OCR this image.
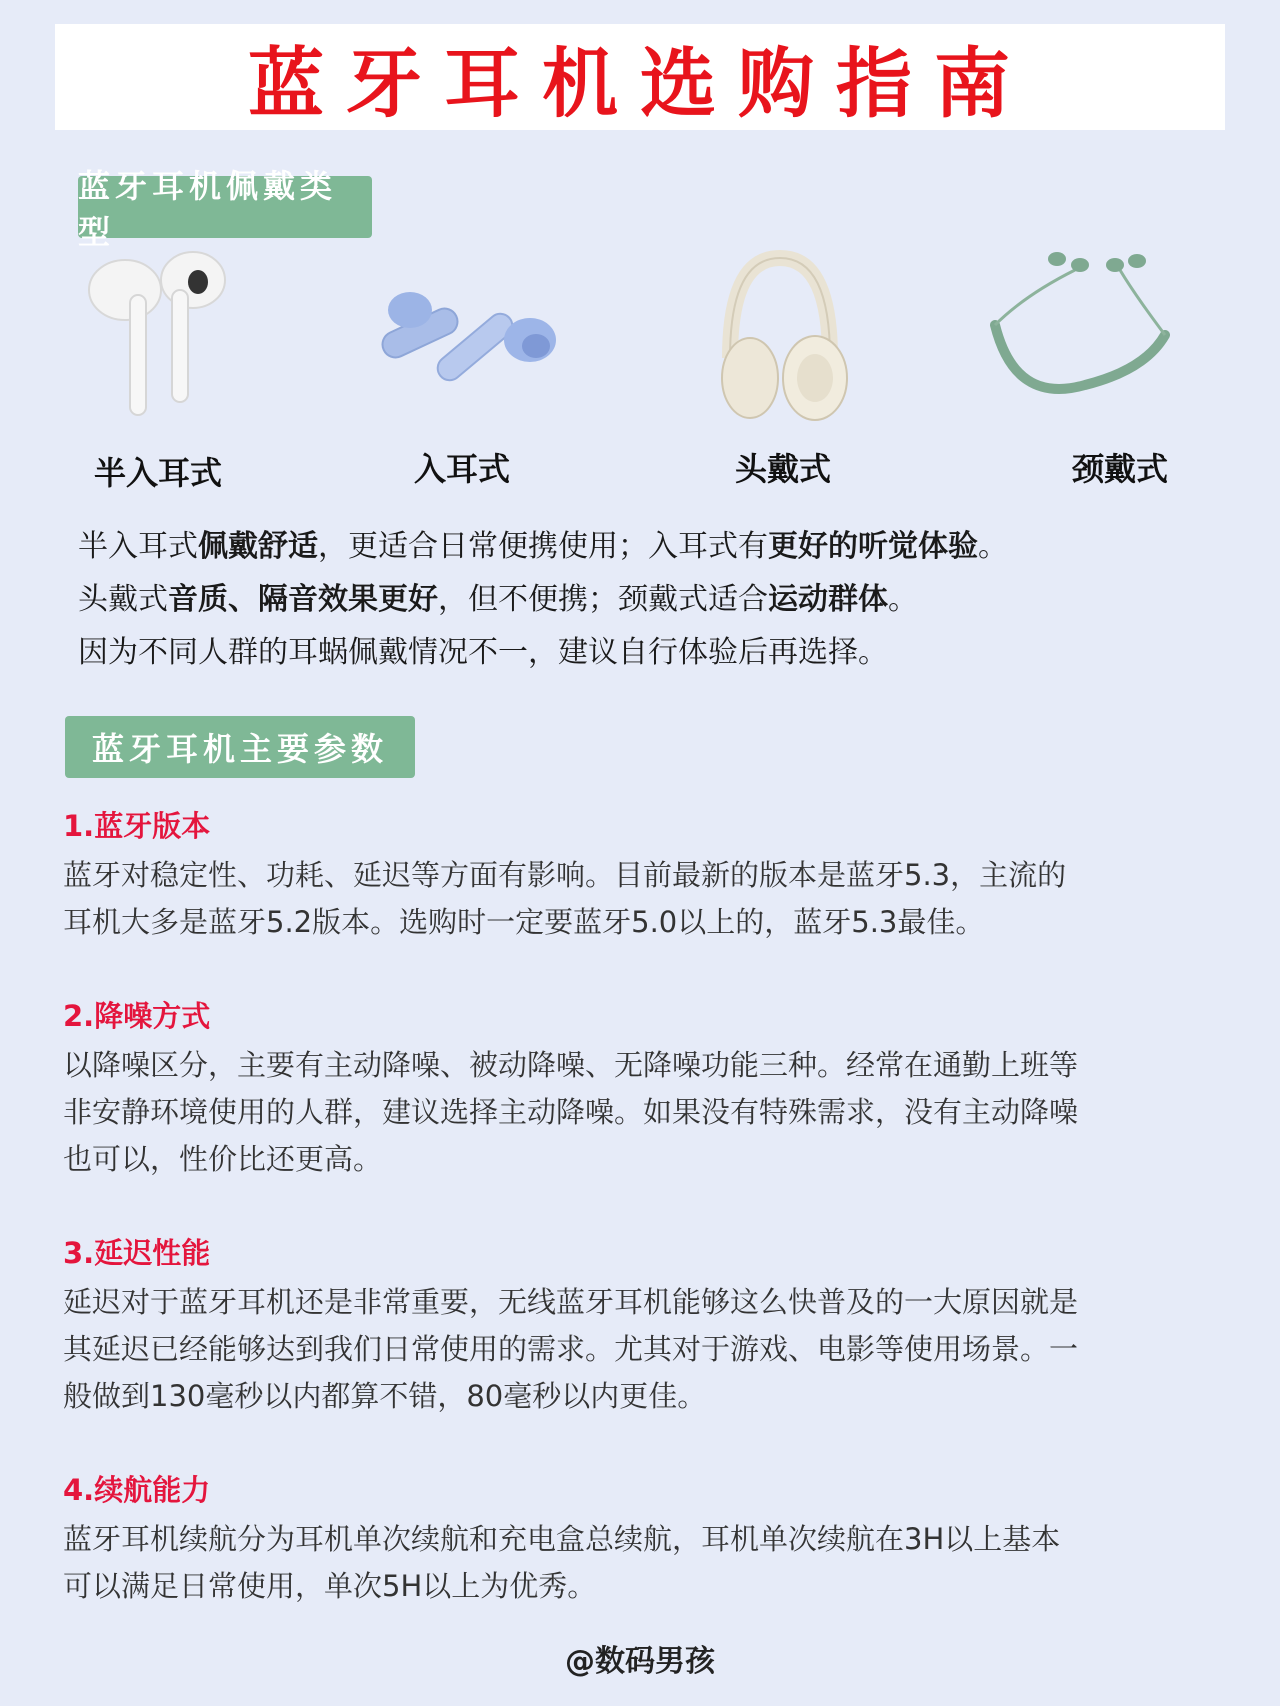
蓝牙耳机选购指南
蓝牙耳机佩戴类型
半入耳式	入耳式	头戴式	颈戴式
半入耳式佩戴舒适，更适合日常便携使用；入耳式有更好的听觉体验。
头戴式音质、隔音效果更好，但不便携；颈戴式适合运动群体。
因为不同人群的耳蜗佩戴情况不一，建议自行体验后再选择。
蓝牙耳机主要参数
1.蓝牙版本

蓝牙对稳定性、功耗、延迟等方面有影响。目前最新的版本是蓝牙5.3，主流的

耳机大多是蓝牙5.2版本。选购时一定要蓝牙5.0以上的，蓝牙5.3最佳。

2.降噪方式

以降噪区分，主要有主动降噪、被动降噪、无降噪功能三种。经常在通勤上班等

非安静环境使用的人群，建议选择主动降噪。如果没有特殊需求，没有主动降噪

也可以，性价比还更高。

3.延迟性能

延迟对于蓝牙耳机还是非常重要，无线蓝牙耳机能够这么快普及的一大原因就是

其延迟已经能够达到我们日常使用的需求。尤其对于游戏、电影等使用场景。一

般做到130毫秒以内都算不错，80毫秒以内更佳。

4.续航能力

蓝牙耳机续航分为耳机单次续航和充电盒总续航，耳机单次续航在3H以上基本

可以满足日常使用，单次5H以上为优秀。

@数码男孩
